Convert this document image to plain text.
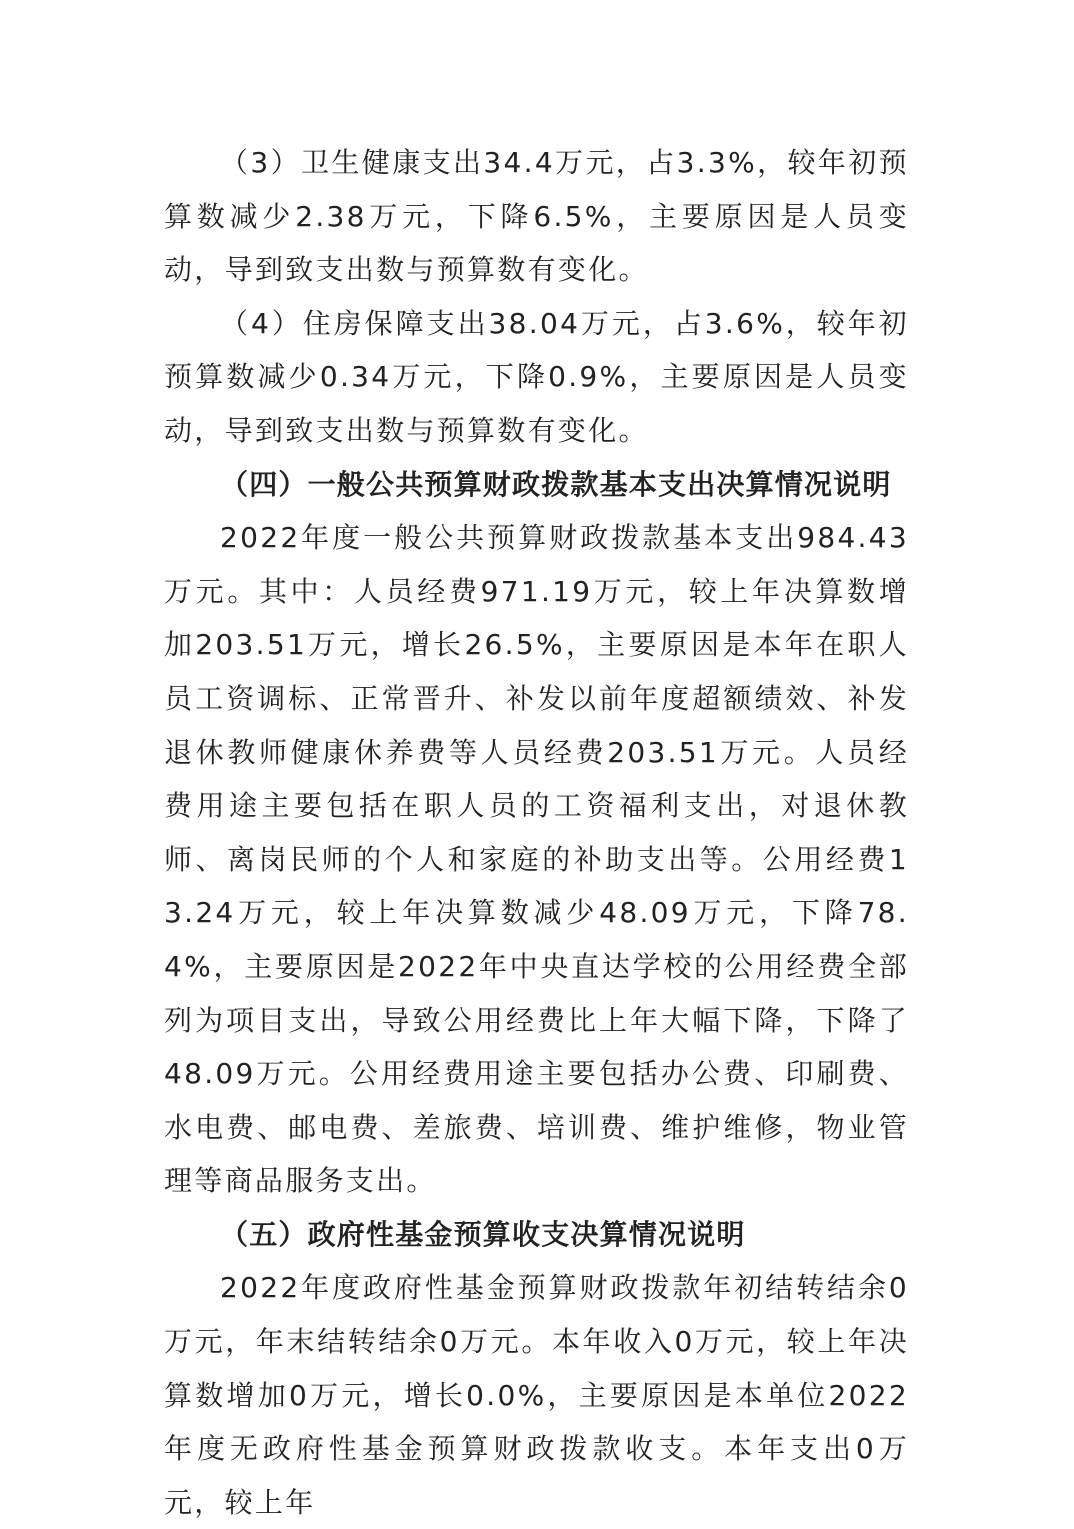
（3）卫生健康支出34.4万元，占3.3%，较年初预算数减少2.38万元，下降6.5%，主要原因是人员变动，导到致支出数与预算数有变化。

（4）住房保障支出38.04万元，占3.6%，较年初预算数减少0.34万元，下降0.9%，主要原因是人员变动，导到致支出数与预算数有变化。

（四）一般公共预算财政拨款基本支出决算情况说明

2022年度一般公共预算财政拨款基本支出984.43万元。其中：人员经费971.19万元，较上年决算数增加203.51万元，增长26.5%，主要原因是本年在职人员工资调标、正常晋升、补发以前年度超额绩效、补发退休教师健康休养费等人员经费203.51万元。人员经费用途主要包括在职人员的工资福利支出，对退休教师、离岗民师的个人和家庭的补助支出等。公用经费13.24万元，较上年决算数减少48.09万元，下降78.4%，主要原因是2022年中央直达学校的公用经费全部列为项目支出，导致公用经费比上年大幅下降，下降了48.09万元。公用经费用途主要包括办公费、印刷费、水电费、邮电费、差旅费、培训费、维护维修，物业管理等商品服务支出。

（五）政府性基金预算收支决算情况说明

2022年度政府性基金预算财政拨款年初结转结余0万元，年末结转结余0万元。本年收入0万元，较上年决算数增加0万元，增长0.0%，主要原因是本单位2022年度无政府性基金预算财政拨款收支。本年支出0万元，较上年
